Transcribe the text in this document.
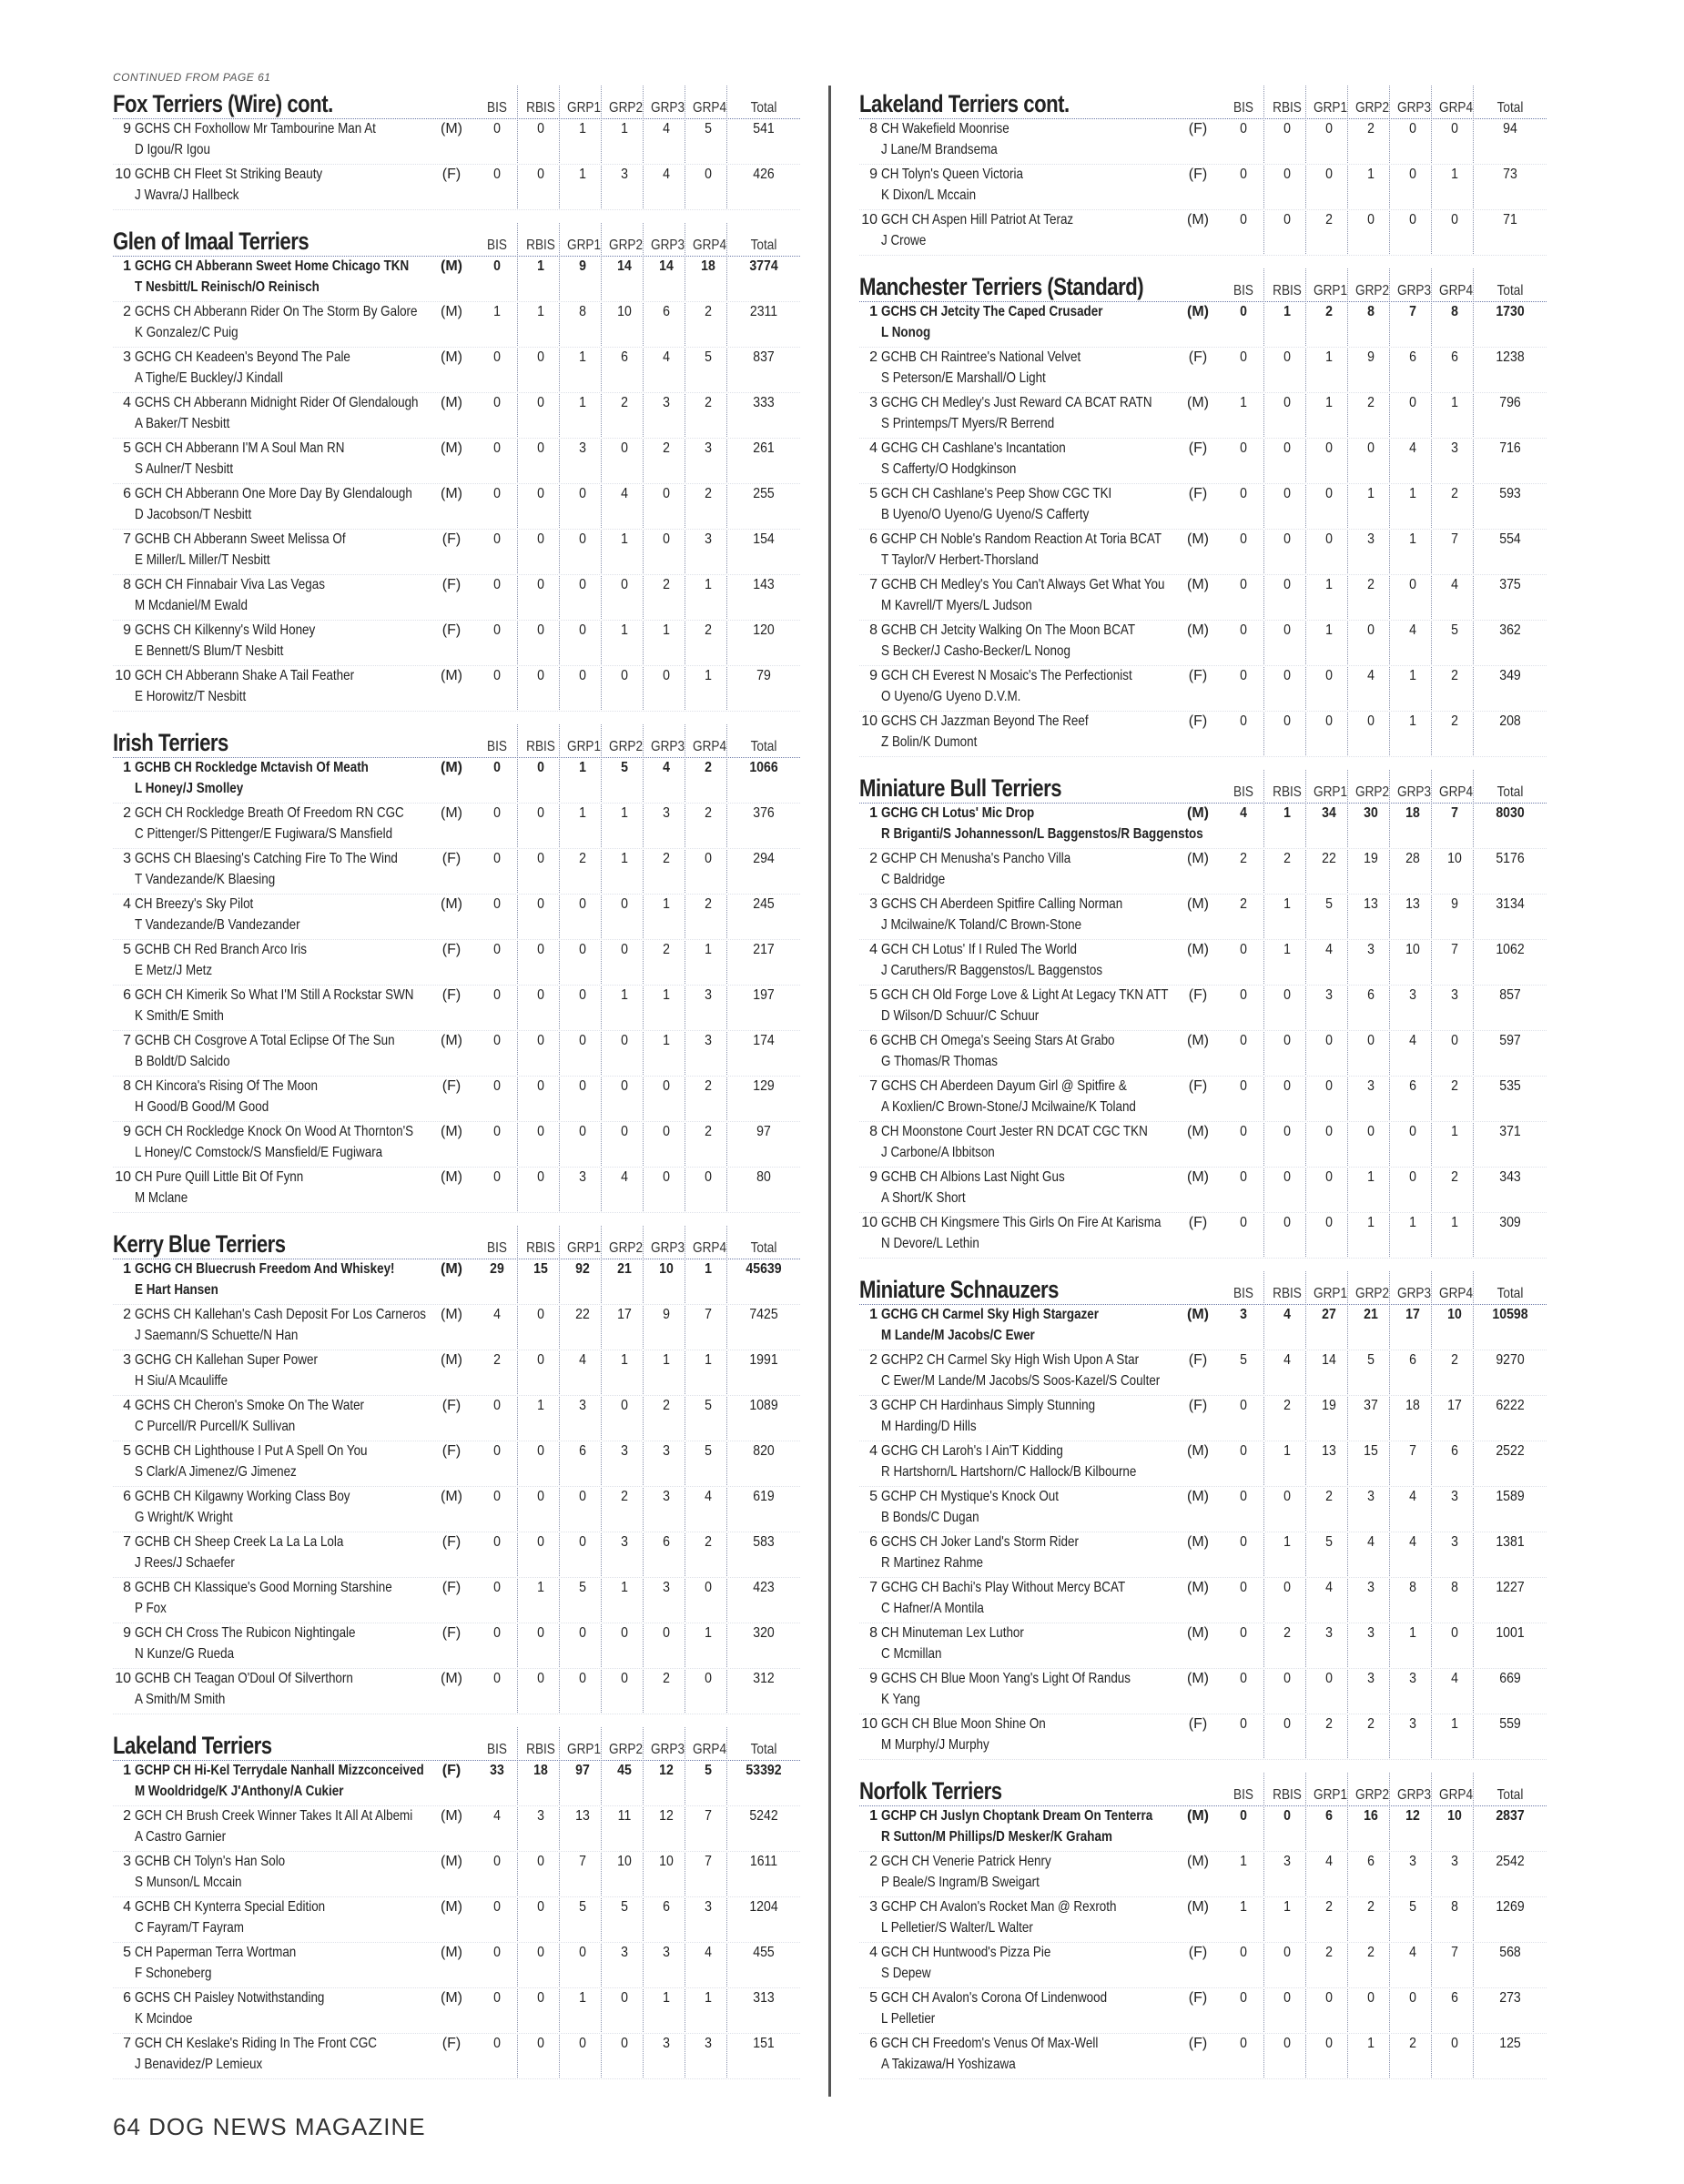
CONTINUED FROM PAGE 61
Fox Terriers (Wire) cont.	BIS	RBIS GRP1 GRP2 GRP3 GRP4	Total
9 GCHS CH Foxhollow Mr Tambourine Man At
D Igou/R Igou
(M)	0	0	1	1	4	5	541
10 GCHB CH Fleet St Striking Beauty
J Wavra/J Hallbeck
(F)	0	0	1	3	4	0	426
Glen of Imaal Terriers	BIS	RBIS GRP1 GRP2 GRP3 GRP4	Total
1 GCHG CH Abberann Sweet Home Chicago TKN
T Nesbitt/L Reinisch/O Reinisch
(M)	0	1	9	14	14	18	3774
2 GCHS CH Abberann Rider On The Storm By Galore
K Gonzalez/C Puig
(M)	1	1	8	10	6	2	2311
3 GCHG CH Keadeen's Beyond The Pale
A Tighe/E Buckley/J Kindall
(M)	0	0	1	6	4	5	837
4 GCHS CH Abberann Midnight Rider Of Glendalough
A Baker/T Nesbitt
(M)	0	0	1	2	3	2	333
5 GCH CH Abberann I'M A Soul Man RN
S Aulner/T Nesbitt
(M)	0	0	3	0	2	3	261
6 GCH CH Abberann One More Day By Glendalough
D Jacobson/T Nesbitt
(M)	0	0	0	4	0	2	255
7 GCHB CH Abberann Sweet Melissa Of
E Miller/L Miller/T Nesbitt
(F)	0	0	0	1	0	3	154
8 GCH CH Finnabair Viva Las Vegas
M Mcdaniel/M Ewald
(F)	0	0	0	0	2	1	143
9 GCHS CH Kilkenny's Wild Honey
E Bennett/S Blum/T Nesbitt
(F)	0	0	0	1	1	2	120
10 GCH CH Abberann Shake A Tail Feather
E Horowitz/T Nesbitt
(M)	0	0	0	0	0	1	79
Irish Terriers	BIS	RBIS GRP1 GRP2 GRP3 GRP4	Total
1 GCHB CH Rockledge Mctavish Of Meath
L Honey/J Smolley
(M)	0	0	1	5	4	2	1066
2 GCH CH Rockledge Breath Of Freedom RN CGC
C Pittenger/S Pittenger/E Fugiwara/S Mansfield
(M)	0	0	1	1	3	2	376
3 GCHS CH Blaesing's Catching Fire To The Wind
T Vandezande/K Blaesing
(F)	0	0	2	1	2	0	294
4 CH Breezy's Sky Pilot
T Vandezande/B Vandezander
(M)	0	0	0	0	1	2	245
5 GCHB CH Red Branch Arco Iris
E Metz/J Metz
(F)	0	0	0	0	2	1	217
6 GCH CH Kimerik So What I'M Still A Rockstar SWN
K Smith/E Smith
(F)	0	0	0	1	1	3	197
7 GCHB CH Cosgrove A Total Eclipse Of The Sun
B Boldt/D Salcido
(M)	0	0	0	0	1	3	174
8 CH Kincora's Rising Of The Moon
H Good/B Good/M Good
(F)	0	0	0	0	0	2	129
9 GCH CH Rockledge Knock On Wood At Thornton'S
L Honey/C Comstock/S Mansfield/E Fugiwara
(M)	0	0	0	0	0	2	97
10 CH Pure Quill Little Bit Of Fynn
M Mclane
(M)	0	0	3	4	0	0	80
Kerry Blue Terriers	BIS	RBIS GRP1 GRP2 GRP3 GRP4	Total
1 GCHG CH Bluecrush Freedom And Whiskey!
E Hart Hansen
(M)	29	15	92	21	10	1	45639
2 GCHS CH Kallehan's Cash Deposit For Los Carneros
J Saemann/S Schuette/N Han
(M)	4	0	22	17	9	7	7425
3 GCHG CH Kallehan Super Power
H Siu/A Mcauliffe
(M)	2	0	4	1	1	1	1991
4 GCHS CH Cheron's Smoke On The Water
C Purcell/R Purcell/K Sullivan
(F)	0	1	3	0	2	5	1089
5 GCHB CH Lighthouse I Put A Spell On You
S Clark/A Jimenez/G Jimenez
(F)	0	0	6	3	3	5	820
6 GCHB CH Kilgawny Working Class Boy
G Wright/K Wright
(M)	0	0	0	2	3	4	619
7 GCHB CH Sheep Creek La La La Lola
J Rees/J Schaefer
(F)	0	0	0	3	6	2	583
8 GCHB CH Klassique's Good Morning Starshine
P Fox
(F)	0	1	5	1	3	0	423
9 GCH CH Cross The Rubicon Nightingale
N Kunze/G Rueda
(F)	0	0	0	0	0	1	320
10 GCHB CH Teagan O'Doul Of Silverthorn
A Smith/M Smith
(M)	0	0	0	0	2	0	312
Lakeland Terriers	BIS	RBIS GRP1 GRP2 GRP3 GRP4	Total
1 GCHP CH Hi-Kel Terrydale Nanhall Mizzconceived
M Wooldridge/K J'Anthony/A Cukier
(F)	33	18	97	45	12	5	53392
2 GCH CH Brush Creek Winner Takes It All At Albemi
A Castro Garnier
(M)	4	3	13	11	12	7	5242
3 GCHB CH Tolyn's Han Solo
S Munson/L Mccain
(M)	0	0	7	10	10	7	1611
4 GCHB CH Kynterra Special Edition
C Fayram/T Fayram
(M)	0	0	5	5	6	3	1204
5 CH Paperman Terra Wortman
F Schoneberg
(M)	0	0	0	3	3	4	455
6 GCHS CH Paisley Notwithstanding
K Mcindoe
(M)	0	0	1	0	1	1	313
7 GCH CH Keslake's Riding In The Front CGC
J Benavidez/P Lemieux
(F)	0	0	0	0	3	3	151
Lakeland Terriers cont.	BIS	RBIS GRP1 GRP2 GRP3 GRP4	Total
8 CH Wakefield Moonrise
J Lane/M Brandsema
(F)	0	0	0	2	0	0	94
9 CH Tolyn's Queen Victoria
K Dixon/L Mccain
(F)	0	0	0	1	0	1	73
10 GCH CH Aspen Hill Patriot At Teraz
J Crowe
(M)	0	0	2	0	0	0	71
Manchester Terriers (Standard)	BIS	RBIS GRP1 GRP2 GRP3 GRP4	Total
1 GCHS CH Jetcity The Caped Crusader
L Nonog
(M)	0	1	2	8	7	8	1730
2 GCHB CH Raintree's National Velvet
S Peterson/E Marshall/O Light
(F)	0	0	1	9	6	6	1238
3 GCHG CH Medley's Just Reward CA BCAT RATN
S Printemps/T Myers/R Berrend
(M)	1	0	1	2	0	1	796
4 GCHG CH Cashlane's Incantation
S Cafferty/O Hodgkinson
(F)	0	0	0	0	4	3	716
5 GCH CH Cashlane's Peep Show CGC TKI
B Uyeno/O Uyeno/G Uyeno/S Cafferty
(F)	0	0	0	1	1	2	593
6 GCHP CH Noble's Random Reaction At Toria BCAT
T Taylor/V Herbert-Thorsland
(M)	0	0	0	3	1	7	554
7 GCHB CH Medley's You Can't Always Get What You
M Kavrell/T Myers/L Judson
(M)	0	0	1	2	0	4	375
8 GCHB CH Jetcity Walking On The Moon BCAT
S Becker/J Casho-Becker/L Nonog
(M)	0	0	1	0	4	5	362
9 GCH CH Everest N Mosaic's The Perfectionist
O Uyeno/G Uyeno D.V.M.
(F)	0	0	0	4	1	2	349
10 GCHS CH Jazzman Beyond The Reef
Z Bolin/K Dumont
(F)	0	0	0	0	1	2	208
Miniature Bull Terriers	BIS	RBIS GRP1 GRP2 GRP3 GRP4	Total
1 GCHG CH Lotus' Mic Drop
R Briganti/S Johannesson/L Baggenstos/R Baggenstos
(M)	4	1	34	30	18	7	8030
2 GCHP CH Menusha's Pancho Villa
C Baldridge
(M)	2	2	22	19	28	10	5176
3 GCHS CH Aberdeen Spitfire Calling Norman
J Mcilwaine/K Toland/C Brown-Stone
(M)	2	1	5	13	13	9	3134
4 GCH CH Lotus' If I Ruled The World
J Caruthers/R Baggenstos/L Baggenstos
(M)	0	1	4	3	10	7	1062
5 GCH CH Old Forge Love & Light At Legacy TKN ATT
D Wilson/D Schuur/C Schuur
(F)	0	0	3	6	3	3	857
6 GCHB CH Omega's Seeing Stars At Grabo
G Thomas/R Thomas
(M)	0	0	0	0	4	0	597
7 GCHS CH Aberdeen Dayum Girl @ Spitfire &
A Koxlien/C Brown-Stone/J Mcilwaine/K Toland
(F)	0	0	0	3	6	2	535
8 CH Moonstone Court Jester RN DCAT CGC TKN
J Carbone/A Ibbitson
(M)	0	0	0	0	0	1	371
9 GCHB CH Albions Last Night Gus
A Short/K Short
(M)	0	0	0	1	0	2	343
10 GCHB CH Kingsmere This Girls On Fire At Karisma
N Devore/L Lethin
(F)	0	0	0	1	1	1	309
Miniature Schnauzers	BIS	RBIS GRP1 GRP2 GRP3 GRP4	Total
1 GCHG CH Carmel Sky High Stargazer
M Lande/M Jacobs/C Ewer
(M)	3	4	27	21	17	10	10598
2 GCHP2 CH Carmel Sky High Wish Upon A Star
C Ewer/M Lande/M Jacobs/S Soos-Kazel/S Coulter
(F)	5	4	14	5	6	2	9270
3 GCHP CH Hardinhaus Simply Stunning
M Harding/D Hills
(F)	0	2	19	37	18	17	6222
4 GCHG CH Laroh's I Ain'T Kidding
R Hartshorn/L Hartshorn/C Hallock/B Kilbourne
(M)	0	1	13	15	7	6	2522
5 GCHP CH Mystique's Knock Out
B Bonds/C Dugan
(M)	0	0	2	3	4	3	1589
6 GCHS CH Joker Land's Storm Rider
R Martinez Rahme
(M)	0	1	5	4	4	3	1381
7 GCHG CH Bachi's Play Without Mercy BCAT
C Hafner/A Montila
(M)	0	0	4	3	8	8	1227
8 CH Minuteman Lex Luthor
C Mcmillan
(M)	0	2	3	3	1	0	1001
9 GCHS CH Blue Moon Yang's Light Of Randus
K Yang
(M)	0	0	0	3	3	4	669
10 GCH CH Blue Moon Shine On
M Murphy/J Murphy
(F)	0	0	2	2	3	1	559
Norfolk Terriers	BIS	RBIS GRP1 GRP2 GRP3 GRP4	Total
1 GCHP CH Juslyn Choptank Dream On Tenterra
R Sutton/M Phillips/D Mesker/K Graham
(M)	0	0	6	16	12	10	2837
2 GCH CH Venerie Patrick Henry
P Beale/S Ingram/B Sweigart
(M)	1	3	4	6	3	3	2542
3 GCHP CH Avalon's Rocket Man @ Rexroth
L Pelletier/S Walter/L Walter
(M)	1	1	2	2	5	8	1269
4 GCH CH Huntwood's Pizza Pie
S Depew
(F)	0	0	2	2	4	7	568
5 GCH CH Avalon's Corona Of Lindenwood
L Pelletier
(F)	0	0	0	0	0	6	273
6 GCH CH Freedom's Venus Of Max-Well
A Takizawa/H Yoshizawa
(F)	0	0	0	1	2	0	125
64 DOG NEWS MAGAZINE
